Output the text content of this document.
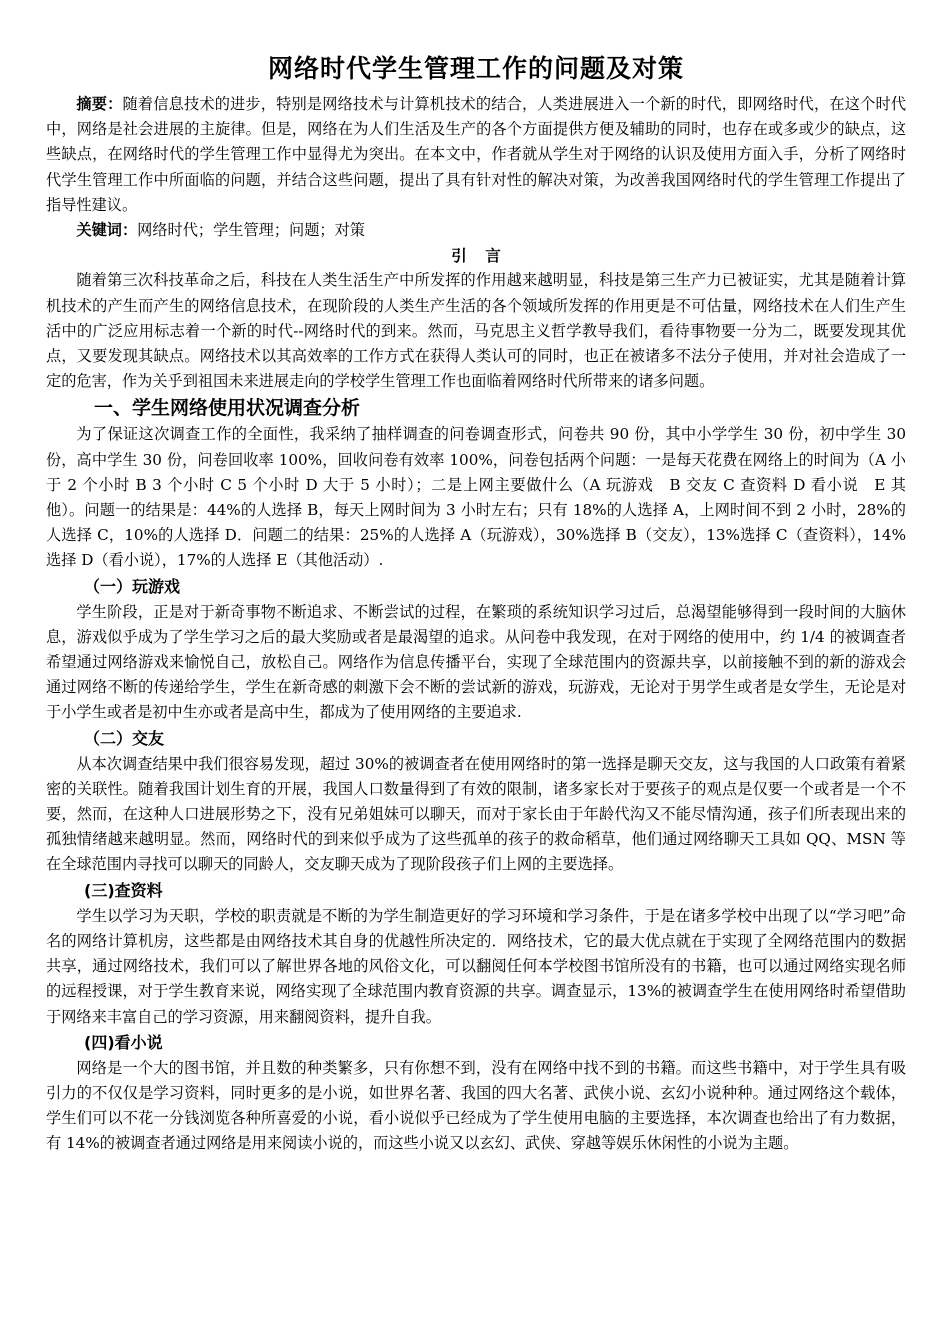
网络时代学生管理工作的问题及对策

摘要：随着信息技术的进步，特别是网络技术与计算机技术的结合，人类进展进入一个新的时代，即网络时代，在这个时代中，网络是社会进展的主旋律。但是，网络在为人们生活及生产的各个方面提供方便及辅助的同时，也存在或多或少的缺点，这些缺点，在网络时代的学生管理工作中显得尤为突出。在本文中，作者就从学生对于网络的认识及使用方面入手，分析了网络时代学生管理工作中所面临的问题，并结合这些问题，提出了具有针对性的解决对策，为改善我国网络时代的学生管理工作提出了指导性建议。

关键词：网络时代；学生管理；问题；对策

引言

随着第三次科技革命之后，科技在人类生活生产中所发挥的作用越来越明显，科技是第三生产力已被证实，尤其是随着计算机技术的产生而产生的网络信息技术，在现阶段的人类生产生活的各个领域所发挥的作用更是不可估量，网络技术在人们生产生活中的广泛应用标志着一个新的时代--网络时代的到来。然而，马克思主义哲学教导我们，看待事物要一分为二，既要发现其优点，又要发现其缺点。网络技术以其高效率的工作方式在获得人类认可的同时，也正在被诸多不法分子使用，并对社会造成了一定的危害，作为关乎到祖国未来进展走向的学校学生管理工作也面临着网络时代所带来的诸多问题。

一、学生网络使用状况调查分析

为了保证这次调查工作的全面性，我采纳了抽样调查的问卷调查形式，问卷共 90 份，其中小学学生 30 份，初中学生 30 份，高中学生 30 份，问卷回收率 100%，回收问卷有效率 100%，问卷包括两个问题：一是每天花费在网络上的时间为（A 小于 2 个小时 B 3 个小时 C 5 个小时 D 大于 5 小时）；二是上网主要做什么（A 玩游戏　B 交友 C 查资料 D 看小说　E 其他）。问题一的结果是：44%的人选择 B，每天上网时间为 3 小时左右；只有 18%的人选择 A，上网时间不到 2 小时，28%的人选择 C，10%的人选择 D．问题二的结果：25%的人选择 A（玩游戏），30%选择 B（交友），13%选择 C（查资料），14%选择 D（看小说），17%的人选择 E（其他活动）.

（一）玩游戏

学生阶段，正是对于新奇事物不断追求、不断尝试的过程，在繁琐的系统知识学习过后，总渴望能够得到一段时间的大脑休息，游戏似乎成为了学生学习之后的最大奖励或者是最渴望的追求。从问卷中我发现，在对于网络的使用中，约 1/4 的被调查者希望通过网络游戏来愉悦自己，放松自己。网络作为信息传播平台，实现了全球范围内的资源共享，以前接触不到的新的游戏会通过网络不断的传递给学生，学生在新奇感的刺激下会不断的尝试新的游戏，玩游戏，无论对于男学生或者是女学生，无论是对于小学生或者是初中生亦或者是高中生，都成为了使用网络的主要追求.

（二）交友

从本次调查结果中我们很容易发现，超过 30%的被调查者在使用网络时的第一选择是聊天交友，这与我国的人口政策有着紧密的关联性。随着我国计划生育的开展，我国人口数量得到了有效的限制，诸多家长对于要孩子的观点是仅要一个或者是一个不要，然而，在这种人口进展形势之下，没有兄弟姐妹可以聊天，而对于家长由于年龄代沟又不能尽情沟通，孩子们所表现出来的孤独情绪越来越明显。然而，网络时代的到来似乎成为了这些孤单的孩子的救命稻草，他们通过网络聊天工具如 QQ、MSN 等在全球范围内寻找可以聊天的同龄人，交友聊天成为了现阶段孩子们上网的主要选择。

(三)查资料

学生以学习为天职，学校的职责就是不断的为学生制造更好的学习环境和学习条件，于是在诸多学校中出现了以“学习吧”命名的网络计算机房，这些都是由网络技术其自身的优越性所决定的．网络技术，它的最大优点就在于实现了全网络范围内的数据共享，通过网络技术，我们可以了解世界各地的风俗文化，可以翻阅任何本学校图书馆所没有的书籍，也可以通过网络实现名师的远程授课，对于学生教育来说，网络实现了全球范围内教育资源的共享。调查显示，13%的被调查学生在使用网络时希望借助于网络来丰富自己的学习资源，用来翻阅资料，提升自我。

(四)看小说

网络是一个大的图书馆，并且数的种类繁多，只有你想不到，没有在网络中找不到的书籍。而这些书籍中，对于学生具有吸引力的不仅仅是学习资料，同时更多的是小说，如世界名著、我国的四大名著、武侠小说、玄幻小说种种。通过网络这个载体，学生们可以不花一分钱浏览各种所喜爱的小说，看小说似乎已经成为了学生使用电脑的主要选择，本次调查也给出了有力数据，有 14%的被调查者通过网络是用来阅读小说的，而这些小说又以玄幻、武侠、穿越等娱乐休闲性的小说为主题。
